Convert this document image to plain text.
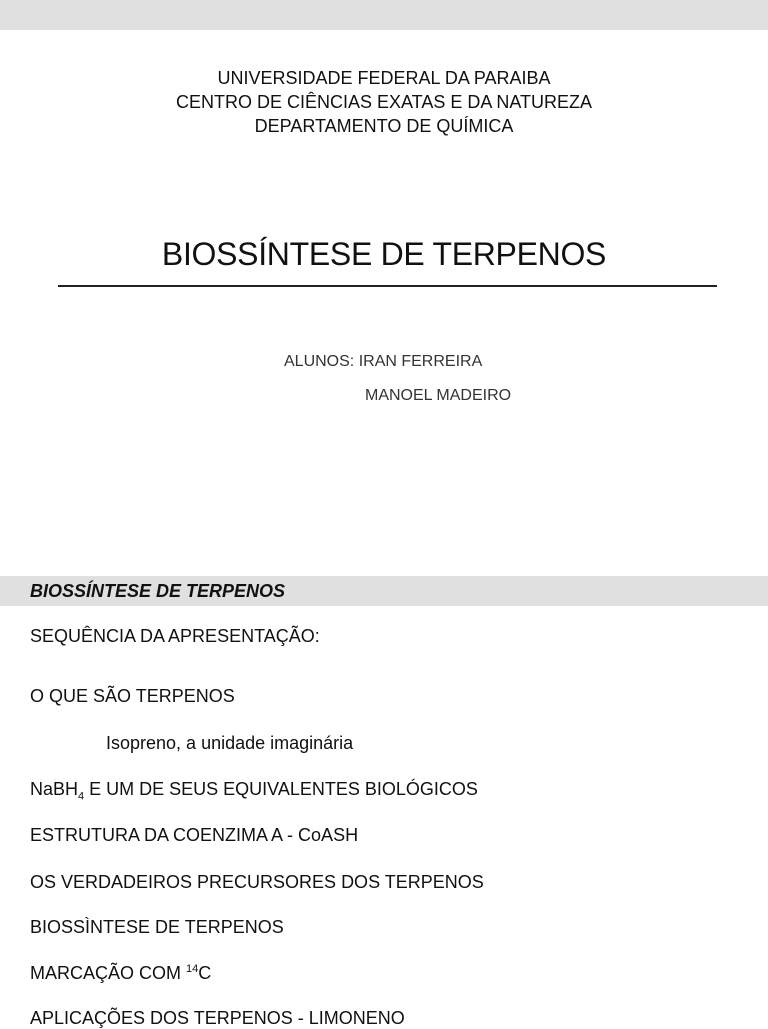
UNIVERSIDADE FEDERAL DA PARAIBA
CENTRO DE CIÊNCIAS EXATAS E DA NATUREZA
DEPARTAMENTO DE QUÍMICA
BIOSSÍNTESE DE TERPENOS
ALUNOS: IRAN FERREIRA
MANOEL MADEIRO
BIOSSÍNTESE DE TERPENOS
SEQUÊNCIA DA APRESENTAÇÃO:
O QUE SÃO TERPENOS
Isopreno, a unidade imaginária
NaBH$_4$ E UM DE SEUS EQUIVALENTES BIOLÓGICOS
ESTRUTURA DA COENZIMA A - CoASH
OS VERDADEIROS PRECURSORES DOS TERPENOS
BIOSSÌNTESE DE TERPENOS
MARCAÇÃO COM $^{14}$C
APLICAÇÕES DOS TERPENOS - LIMONENO
